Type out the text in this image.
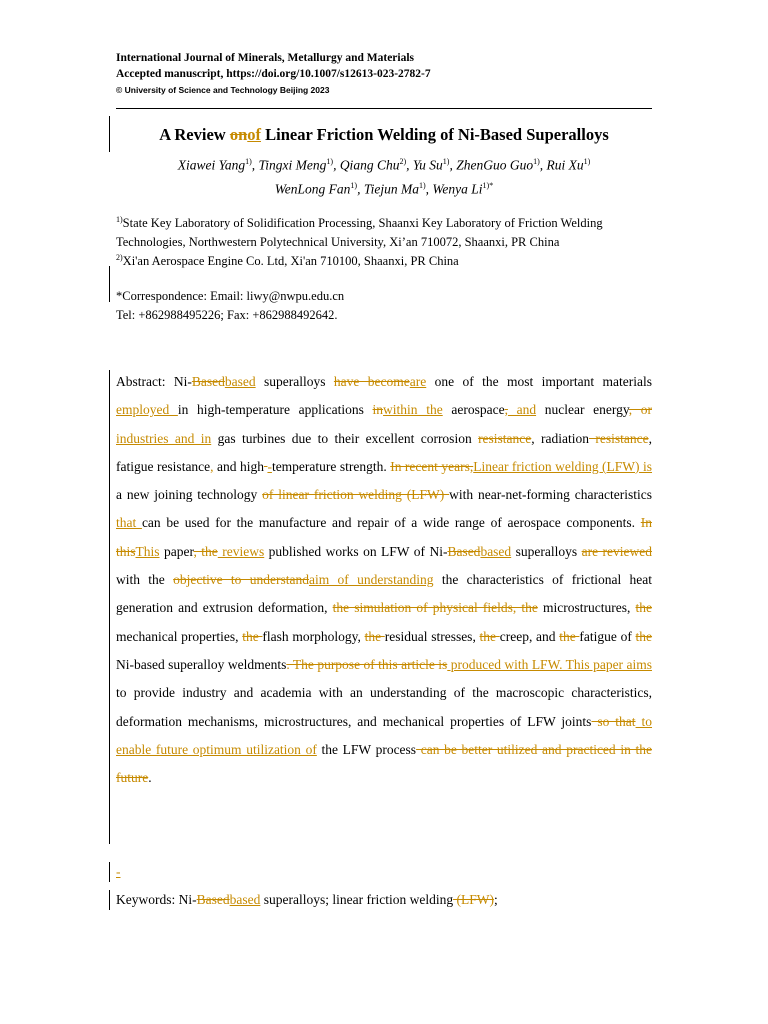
International Journal of Minerals, Metallurgy and Materials
Accepted manuscript, https://doi.org/10.1007/s12613-023-2782-7
© University of Science and Technology Beijing 2023
A Review onof Linear Friction Welding of Ni-Based Superalloys
Xiawei Yang$^{1)}$, Tingxi Meng$^{1)}$, Qiang Chu$^{2)}$, Yu Su$^{1)}$, ZhenGuo Guo$^{1)}$, Rui Xu$^{1)}$
WenLong Fan$^{1)}$, Tiejun Ma$^{1)}$, Wenya $Li^{1)*}$
$^{1)}$State Key Laboratory of Solidification Processing, Shaanxi Key Laboratory of Friction Welding Technologies, Northwestern Polytechnical University, Xi’an 710072, Shaanxi, PR China
$^{2)}$Xi'an Aerospace Engine Co. Ltd, Xi'an 710100, Shaanxi, PR China
*Correspondence: Email: liwy@nwpu.edu.cn
Tel: +862988495226; Fax: +862988492642.
Abstract: Ni-Basedbased superalloys have becomeare one of the most important materials employed in high-temperature applications inwithin the aerospace, and nuclear energy, or industries and in gas turbines due to their excellent corrosion resistance, radiation resistance, fatigue resistance, and high -temperature strength. In recent years,Linear friction welding (LFW) is a new joining technology of linear friction welding (LFW) with near-net-forming characteristics that can be used for the manufacture and repair of a wide range of aerospace components. In thisThis paper, the reviews published works on LFW of Ni-Basedbased superalloys are reviewed with the objective to understandaim of understanding the characteristics of frictional heat generation and extrusion deformation, the simulation of physical fields, the microstructures, the mechanical properties, the flash morphology, the residual stresses, the creep, and the fatigue of the Ni-based superalloy weldments. The purpose of this article is produced with LFW. This paper aims to provide industry and academia with an understanding of the macroscopic characteristics, deformation mechanisms, microstructures, and mechanical properties of LFW joints so that to enable future optimum utilization of the LFW process can be better utilized and practiced in the future.
-
Keywords: Ni-Basedbased superalloys; linear friction welding (LFW);
